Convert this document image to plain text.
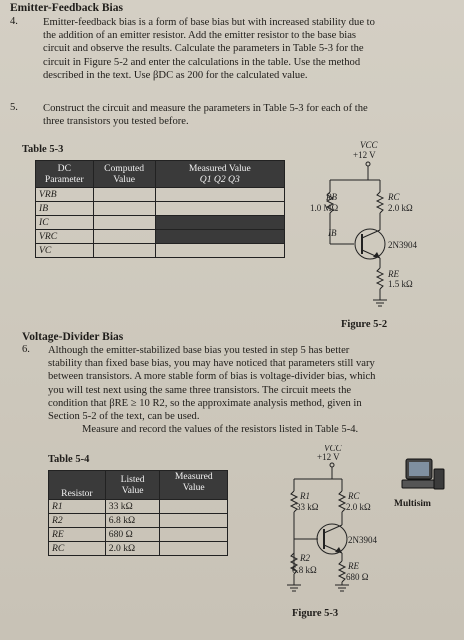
Emitter-Feedback Bias
4. Emitter-feedback bias is a form of base bias but with increased stability due to
the addition of an emitter resistor. Add the emitter resistor to the base bias
circuit and observe the results. Calculate the parameters in Table 5-3 for the
circuit in Figure 5-2 and enter the calculations in the table. Use the method
described in the text. Use βDC as 200 for the calculated value.
5. Construct the circuit and measure the parameters in Table 5-3 for each of the
three transistors you tested before.
Table 5-3
DC Parameter	Computed Value	Measured Value
Q1 Q2 Q3

VRB		
IB		
IC		
VRC		
VC		
VCC
+12 V
RB
1.0 MΩ
RC
2.0 kΩ
IB
2N3904
RE
1.5 kΩ
Figure 5-2
Voltage-Divider Bias
6. Although the emitter-stabilized base bias you tested in step 5 has better
stability than fixed base bias, you may have noticed that parameters still vary
between transistors. A more stable form of bias is voltage-divider bias, which
you will test next using the same three transistors. The circuit meets the
condition that βRE ≥ 10 R2, so the approximate analysis method, given in
Section 5-2 of the text, can be used.
Measure and record the values of the resistors listed in Table 5-4.
Table 5-4
Resistor	Listed Value	Measured Value
R1	33 kΩ	
R2	6.8 kΩ	
RE	680 Ω	
RC	2.0 kΩ	
VCC
+12 V
R1
33 kΩ
RC
2.0 kΩ
2N3904
R2
6.8 kΩ	RE
680 Ω
Figure 5-3
Multisim
